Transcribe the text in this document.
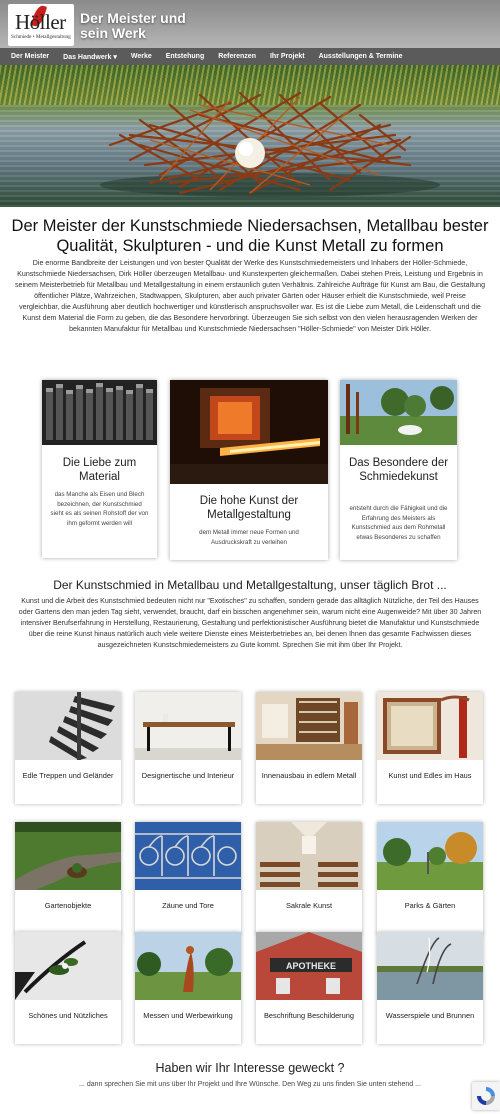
Höller
Schmiede • Metallgestaltung
Der Meister und sein Werk
Der Meister	Das Handwerk ▾	Werke	Entstehung	Referenzen	Ihr Projekt	Ausstellungen & Termine
Der Meister der Kunstschmiede Niedersachsen, Metallbau bester Qualität, Skulpturen - und die Kunst Metall zu formen
Die enorme Bandbreite der Leistungen und von bester Qualität der Werke des Kunstschmiedemeisters und Inhabers der Höller-Schmiede, Kunstschmiede Niedersachsen, Dirk Höller überzeugen Metallbau- und Kunstexperten gleichermaßen. Dabei stehen Preis, Leistung und Ergebnis in seinem Meisterbetrieb für Metallbau und Metallgestaltung in einem erstaunlich guten Verhältnis. Zahlreiche Aufträge für Kunst am Bau, die Gestaltung öffentlicher Plätze, Wahrzeichen, Stadtwappen, Skulpturen, aber auch privater Gärten oder Häuser erhielt die Kunstschmiede, weil Preise vergleichbar, die Ausführung aber deutlich hochwertiger und künstlerisch anspruchsvoller war. Es ist die Liebe zum Metall, die Leidenschaft und die Kunst dem Material die Form zu geben, die das Besondere hervorbringt. Überzeugen Sie sich selbst von den vielen herausragenden Werken der bekannten Manufaktur für Metallbau und Kunstschmiede Niedersachsen "Höller-Schmiede" von Meister Dirk Höller.
Die Liebe zum Material

das Manche als Eisen und Blech bezeichnen, der Kunstschmied sieht es als seinen Rohstoff der von ihm geformt werden will

Die hohe Kunst der Metallgestaltung

dem Metall immer neue Formen und Ausdruckskraft zu verleihen

Das Besondere der Schmiedekunst

entsteht durch die Fähigkeit und die Erfahrung des Meisters als Kunstschmied aus dem Rohmetall etwas Besonderes zu schaffen

Der Kunstschmied in Metallbau und Metallgestaltung, unser täglich Brot ...
Kunst und die Arbeit des Kunstschmied bedeuten nicht nur "Exotisches" zu schaffen, sondern gerade das alltäglich Nützliche, der Teil des Hauses oder Gartens den man jeden Tag sieht, verwendet, braucht, darf ein bisschen angenehmer sein, warum nicht eine Augenweide? Mit über 30 Jahren intensiver Berufserfahrung in Herstellung, Restaurierung, Gestaltung und perfektionistischer Ausführung bietet die Manufaktur und Kunstschmiede über die reine Kunst hinaus natürlich auch viele weitere Dienste eines Meisterbetriebes an, bei denen Ihnen das gesamte Fachwissen dieses ausgezeichneten Kunstschmiedemeisters zu Gute kommt. Sprechen Sie mit ihm über Ihr Projekt.
Edle Treppen und Geländer	Designertische und Interieur	Innenausbau in edlem Metall	Kunst und Edles im Haus
Gartenobjekte	Zäune und Tore	Sakrale Kunst	Parks & Gärten
Schönes und Nützliches	Messen und Werbewirkung
APOTHEKE
Beschriftung Beschilderung	Wasserspiele und Brunnen
Haben wir Ihr Interesse geweckt ?
... dann sprechen Sie mit uns über Ihr Projekt und Ihre Wünsche. Den Weg zu uns finden Sie unten stehend ...
